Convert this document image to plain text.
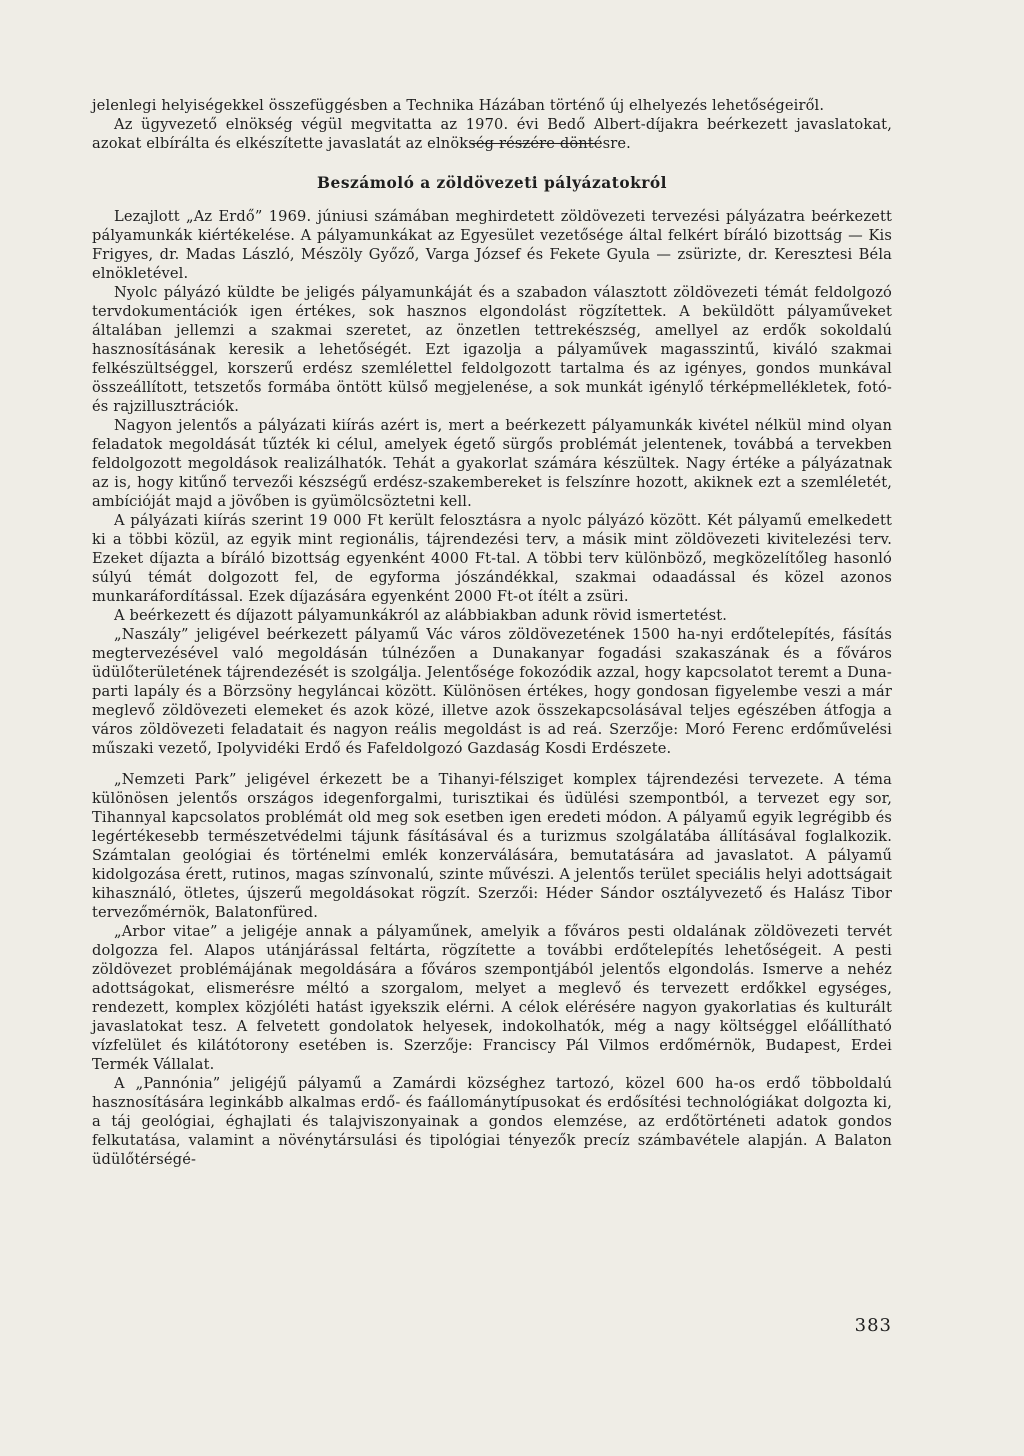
jelenlegi helyiségekkel összefüggésben a Technika Házában történő új elhelyezés lehetőségeiről.

Az ügyvezető elnökség végül megvitatta az 1970. évi Bedő Albert-díjakra beérkezett javaslatokat, azokat elbírálta és elkészítette javaslatát az elnökség részére döntésre.

Beszámoló a zöldövezeti pályázatokról

Lezajlott „Az Erdő” 1969. júniusi számában meghirdetett zöldövezeti tervezési pályázatra beérkezett pályamunkák kiértékelése. A pályamunkákat az Egyesület vezetősége által felkért bíráló bizottság — Kis Frigyes, dr. Madas László, Mészöly Győző, Varga József és Fekete Gyula — zsürizte, dr. Keresztesi Béla elnökletével.

Nyolc pályázó küldte be jeligés pályamunkáját és a szabadon választott zöldövezeti témát feldolgozó tervdokumentációk igen értékes, sok hasznos elgondolást rögzítettek. A beküldött pályaműveket általában jellemzi a szakmai szeretet, az önzetlen tettrekészség, amellyel az erdők sokoldalú hasznosításának keresik a lehetőségét. Ezt igazolja a pályaművek magasszintű, kiváló szakmai felkészültséggel, korszerű erdész szemlélettel feldolgozott tartalma és az igényes, gondos munkával összeállított, tetszetős formába öntött külső megjelenése, a sok munkát igénylő térképmellékletek, fotó- és rajzillusztrációk.

Nagyon jelentős a pályázati kiírás azért is, mert a beérkezett pályamunkák kivétel nélkül mind olyan feladatok megoldását tűzték ki célul, amelyek égető sürgős problémát jelentenek, továbbá a tervekben feldolgozott megoldások realizálhatók. Tehát a gyakorlat számára készültek. Nagy értéke a pályázatnak az is, hogy kitűnő tervezői készségű erdész-szakembereket is felszínre hozott, akiknek ezt a szemléletét, ambícióját majd a jövőben is gyümölcsöztetni kell.

A pályázati kiírás szerint 19 000 Ft került felosztásra a nyolc pályázó között. Két pályamű emelkedett ki a többi közül, az egyik mint regionális, tájrendezési terv, a másik mint zöldövezeti kivitelezési terv. Ezeket díjazta a bíráló bizottság egyenként 4000 Ft-tal. A többi terv különböző, megközelítőleg hasonló súlyú témát dolgozott fel, de egyforma jószándékkal, szakmai odaadással és közel azonos munkaráfordítással. Ezek díjazására egyenként 2000 Ft-ot ítélt a zsüri.

A beérkezett és díjazott pályamunkákról az alábbiakban adunk rövid ismertetést.

„Naszály” jeligével beérkezett pályamű Vác város zöldövezetének 1500 ha-nyi erdőtelepítés, fásítás megtervezésével való megoldásán túlnézően a Dunakanyar fogadási szakaszának és a főváros üdülőterületének tájrendezését is szolgálja. Jelentősége fokozódik azzal, hogy kapcsolatot teremt a Duna-parti lapály és a Börzsöny hegyláncai között. Különösen értékes, hogy gondosan figyelembe veszi a már meglevő zöldövezeti elemeket és azok közé, illetve azok összekapcsolásával teljes egészében átfogja a város zöldövezeti feladatait és nagyon reális megoldást is ad reá. Szerzője: Moró Ferenc erdőművelési műszaki vezető, Ipolyvidéki Erdő és Fafeldolgozó Gazdaság Kosdi Erdészete.

„Nemzeti Park” jeligével érkezett be a Tihanyi-félsziget komplex tájrendezési tervezete. A téma különösen jelentős országos idegenforgalmi, turisztikai és üdülési szempontból, a tervezet egy sor, Tihannyal kapcsolatos problémát old meg sok esetben igen eredeti módon. A pályamű egyik legrégibb és legértékesebb természetvédelmi tájunk fásításával és a turizmus szolgálatába állításával foglalkozik. Számtalan geológiai és történelmi emlék konzerválására, bemutatására ad javaslatot. A pályamű kidolgozása érett, rutinos, magas színvonalú, szinte művészi. A jelentős terület speciális helyi adottságait kihasználó, ötletes, újszerű megoldásokat rögzít. Szerzői: Héder Sándor osztályvezető és Halász Tibor tervezőmérnök, Balatonfüred.

„Arbor vitae” a jeligéje annak a pályaműnek, amelyik a főváros pesti oldalának zöldövezeti tervét dolgozza fel. Alapos utánjárással feltárta, rögzítette a további erdőtelepítés lehetőségeit. A pesti zöldövezet problémájának megoldására a főváros szempontjából jelentős elgondolás. Ismerve a nehéz adottságokat, elismerésre méltó a szorgalom, melyet a meglevő és tervezett erdőkkel egységes, rendezett, komplex közjóléti hatást igyekszik elérni. A célok elérésére nagyon gyakorlatias és kulturált javaslatokat tesz. A felvetett gondolatok helyesek, indokolhatók, még a nagy költséggel előállítható vízfelület és kilátótorony esetében is. Szerzője: Franciscy Pál Vilmos erdőmérnök, Budapest, Erdei Termék Vállalat.

A „Pannónia” jeligéjű pályamű a Zamárdi községhez tartozó, közel 600 ha-os erdő többoldalú hasznosítására leginkább alkalmas erdő- és faállománytípusokat és erdősítési technológiákat dolgozta ki, a táj geológiai, éghajlati és talajviszonyainak a gondos elemzése, az erdőtörténeti adatok gondos felkutatása, valamint a növénytársulási és tipológiai tényezők precíz számbavétele alapján. A Balaton üdülőtérségé-

383
